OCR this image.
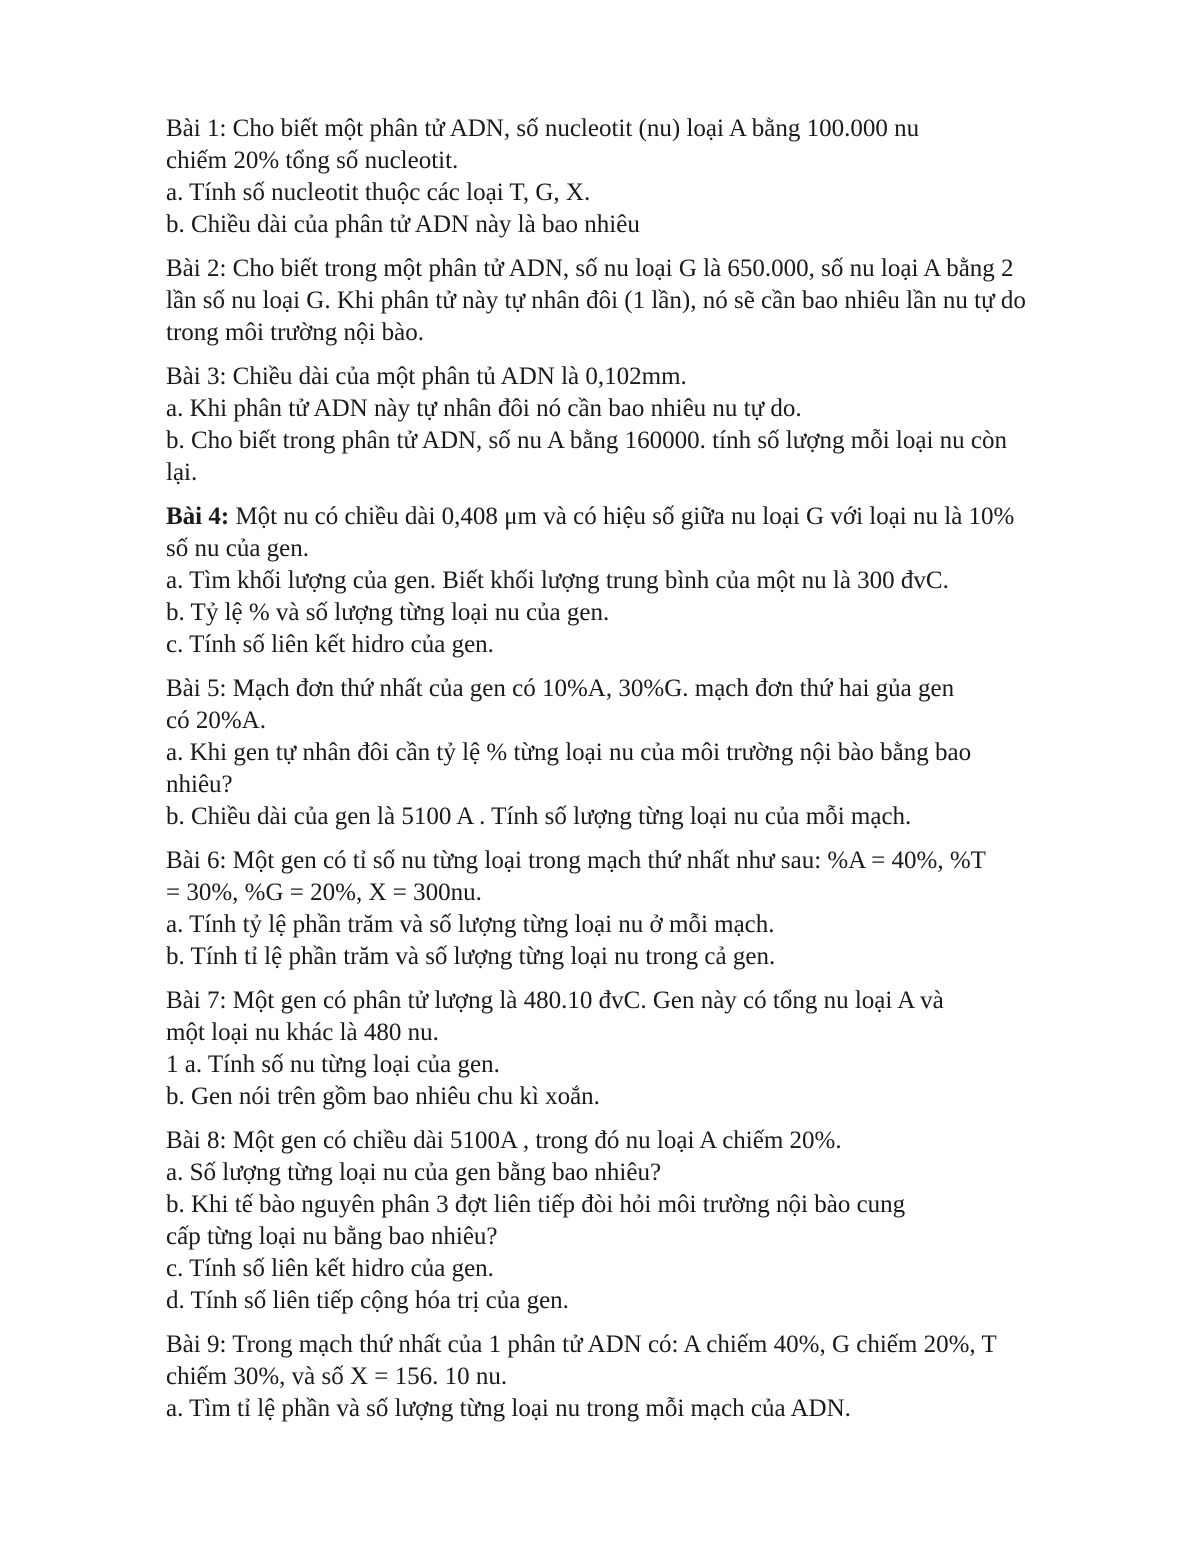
Bài 1: Cho biết một phân tử ADN, số nucleotit (nu) loại A bằng 100.000 nu
chiếm 20% tổng số nucleotit.
a. Tính số nucleotit thuộc các loại T, G, X.
b. Chiều dài của phân tử ADN này là bao nhiêu
Bài 2: Cho biết trong một phân tử ADN, số nu loại G là 650.000, số nu loại A bằng 2
lần số nu loại G. Khi phân tử này tự nhân đôi (1 lần), nó sẽ cần bao nhiêu lần nu tự do
trong môi trường nội bào.
Bài 3: Chiều dài của một phân tủ ADN là 0,102mm.
a. Khi phân tử ADN này tự nhân đôi nó cần bao nhiêu nu tự do.
b. Cho biết trong phân tử ADN, số nu A bằng 160000. tính số lượng mỗi loại nu còn
lại.
Bài 4: Một nu có chiều dài 0,408 μm và có hiệu số giữa nu loại G với loại nu là 10%
số nu của gen.
a. Tìm khối lượng của gen. Biết khối lượng trung bình của một nu là 300 đvC.
b. Tỷ lệ % và số lượng từng loại nu của gen.
c. Tính số liên kết hidro của gen.
Bài 5: Mạch đơn thứ nhất của gen có 10%A, 30%G. mạch đơn thứ hai gủa gen
có 20%A.
a. Khi gen tự nhân đôi cần tỷ lệ % từng loại nu của môi trường nội bào bằng bao
nhiêu?
b. Chiều dài của gen là 5100 A . Tính số lượng từng loại nu của mỗi mạch.
Bài 6: Một gen có tỉ số nu từng loại trong mạch thứ nhất như sau: %A = 40%, %T
= 30%, %G = 20%, X = 300nu.
a. Tính tỷ lệ phần trăm và số lượng từng loại nu ở mỗi mạch.
b. Tính tỉ lệ phần trăm và số lượng từng loại nu trong cả gen.
Bài 7: Một gen có phân tử lượng là 480.10 đvC. Gen này có tổng nu loại A và
một loại nu khác là 480 nu.
1 a. Tính số nu từng loại của gen.
b. Gen nói trên gồm bao nhiêu chu kì xoắn.
Bài 8: Một gen có chiều dài 5100A , trong đó nu loại A chiếm 20%.
a. Số lượng từng loại nu của gen bằng bao nhiêu?
b. Khi tế bào nguyên phân 3 đợt liên tiếp đòi hỏi môi trường nội bào cung
cấp từng loại nu bằng bao nhiêu?
c. Tính số liên kết hidro của gen.
d. Tính số liên tiếp cộng hóa trị của gen.
Bài 9: Trong mạch thứ nhất của 1 phân tử ADN có: A chiếm 40%, G chiếm 20%, T
chiếm 30%, và số X = 156. 10 nu.
a. Tìm tỉ lệ phần và số lượng từng loại nu trong mỗi mạch của ADN.
